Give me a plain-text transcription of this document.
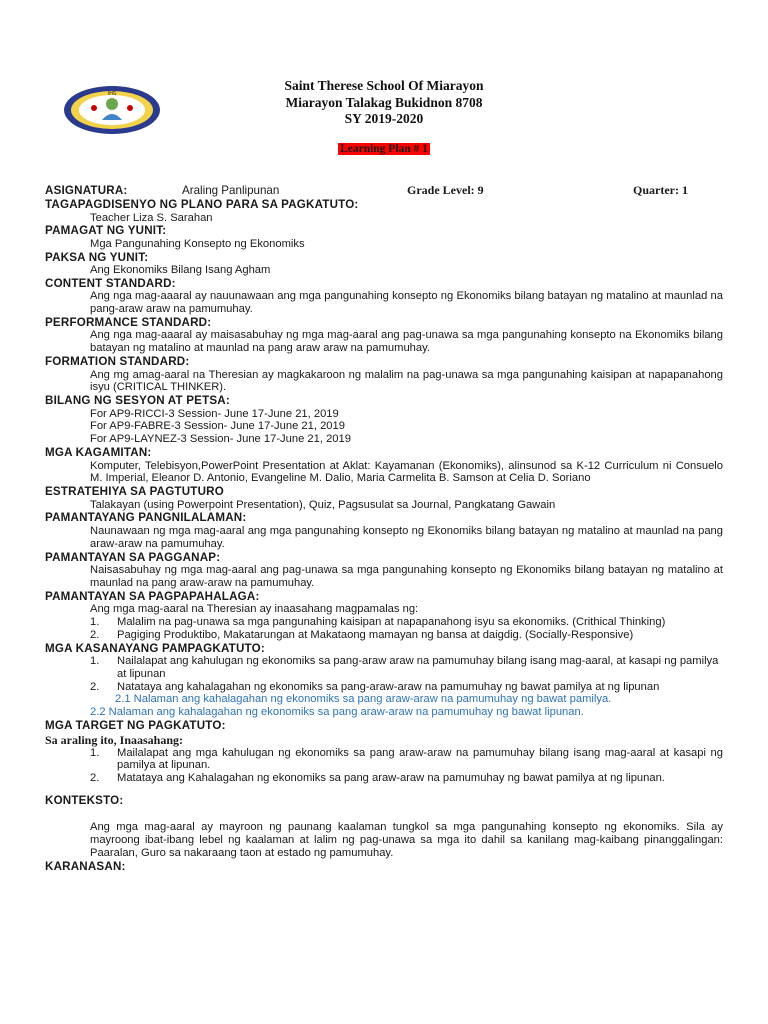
IHS
Saint Therese School Of Miarayon
Miarayon Talakag Bukidnon 8708
SY 2019-2020
Learning Plan # 1
ASIGNATURA:	Araling Panlipunan	Grade Level: 9	Quarter: 1
TAGAPAGDISENYO NG PLANO PARA SA PAGKATUTO:
Teacher Liza S. Sarahan
PAMAGAT NG YUNIT:
Mga Pangunahing Konsepto ng Ekonomiks
PAKSA NG YUNIT:
Ang Ekonomiks Bilang Isang Agham
CONTENT STANDARD:
Ang nga mag-aaaral ay nauunawaan ang mga pangunahing konsepto ng Ekonomiks bilang batayan ng matalino at maunlad na pang-araw araw na pamumuhay.
PERFORMANCE STANDARD:
Ang nga mag-aaaral ay maisasabuhay ng mga mag-aaral ang pag-unawa sa mga pangunahing konsepto na Ekonomiks bilang batayan ng matalino at maunlad na pang araw araw na pamumuhay.
FORMATION STANDARD:
Ang mg amag-aaral na Theresian ay magkakaroon ng malalim na pag-unawa sa mga pangunahing kaisipan at napapanahong isyu (CRITICAL THINKER).
BILANG NG SESYON AT PETSA:
For AP9-RICCI-3 Session- June 17-June 21, 2019
For AP9-FABRE-3 Session- June 17-June 21, 2019
For AP9-LAYNEZ-3 Session- June 17-June 21, 2019
MGA KAGAMITAN:
Komputer, Telebisyon,PowerPoint Presentation at Aklat: Kayamanan (Ekonomiks), alinsunod sa K-12 Curriculum ni Consuelo M. Imperial, Eleanor D. Antonio, Evangeline M. Dalio, Maria Carmelita B. Samson at Celia D. Soriano
ESTRATEHIYA SA PAGTUTURO
Talakayan (using Powerpoint Presentation), Quiz, Pagsusulat sa Journal, Pangkatang Gawain
PAMANTAYANG PANGNILALAMAN:
Naunawaan ng mga mag-aaral ang mga pangunahing konsepto ng Ekonomiks bilang batayan ng matalino at maunlad na pang araw-araw na pamumuhay.
PAMANTAYAN SA PAGGANAP:
Naisasabuhay ng mga mag-aaral ang pag-unawa sa mga pangunahing konsepto ng Ekonomiks bilang batayan ng matalino at maunlad na pang araw-araw na pamumuhay.
PAMANTAYAN SA PAGPAPAHALAGA:
Ang mga mag-aaral na Theresian ay inaasahang magpamalas ng:
1. Malalim na pag-unawa sa mga pangunahing kaisipan at napapanahong isyu sa ekonomiks. (Crithical Thinking)
2. Pagiging Produktibo, Makatarungan at Makataong mamayan ng bansa at daigdig. (Socially-Responsive)
MGA KASANAYANG PAMPAGKATUTO:
1. Nailalapat ang kahulugan ng ekonomiks sa pang-araw araw na pamumuhay bilang isang mag-aaral, at kasapi ng pamilya at lipunan
2. Natataya ang kahalagahan ng ekonomiks sa pang-araw-araw na pamumuhay ng bawat pamilya at ng lipunan
2.1 Nalaman ang kahalagahan ng ekonomiks sa pang araw-araw na pamumuhay ng bawat pamilya.
2.2 Nalaman ang kahalagahan ng ekonomiks sa pang araw-araw na pamumuhay ng bawat lipunan.
MGA TARGET NG PAGKATUTO:
Sa araling ito, Inaasahang:
1. Mailalapat ang mga kahulugan ng ekonomiks sa pang araw-araw na pamumuhay bilang isang mag-aaral at kasapi ng pamilya at lipunan.
2. Matataya ang Kahalagahan ng ekonomiks sa pang araw-araw na pamumuhay ng bawat pamilya at ng lipunan.
KONTEKSTO:
Ang mga mag-aaral ay mayroon ng paunang kaalaman tungkol sa mga pangunahing konsepto ng ekonomiks. Sila ay mayroong ibat-ibang lebel ng kaalaman at lalim ng pag-unawa sa mga ito dahil sa kanilang mag-kaibang pinanggalingan: Paaralan, Guro sa nakaraang taon at estado ng pamumuhay.
KARANASAN:
